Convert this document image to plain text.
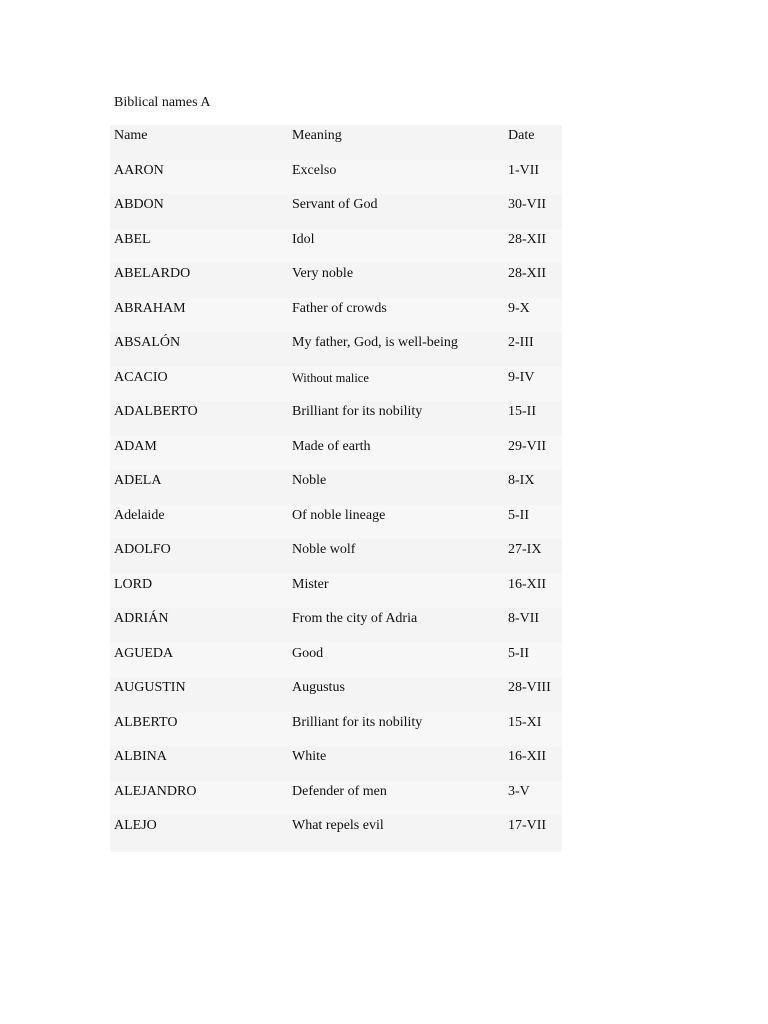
Biblical names A
Name	Meaning	Date
AARON	Excelso	1-VII
ABDON	Servant of God	30-VII
ABEL	Idol	28-XII
ABELARDO	Very noble	28-XII
ABRAHAM	Father of crowds	9-X
ABSALÓN	My father, God, is well-being	2-III
ACACIO	Without malice	9-IV
ADALBERTO	Brilliant for its nobility	15-II
ADAM	Made of earth	29-VII
ADELA	Noble	8-IX
Adelaide	Of noble lineage	5-II
ADOLFO	Noble wolf	27-IX
LORD	Mister	16-XII
ADRIÁN	From the city of Adria	8-VII
AGUEDA	Good	5-II
AUGUSTIN	Augustus	28-VIII
ALBERTO	Brilliant for its nobility	15-XI
ALBINA	White	16-XII
ALEJANDRO	Defender of men	3-V
ALEJO	What repels evil	17-VII
